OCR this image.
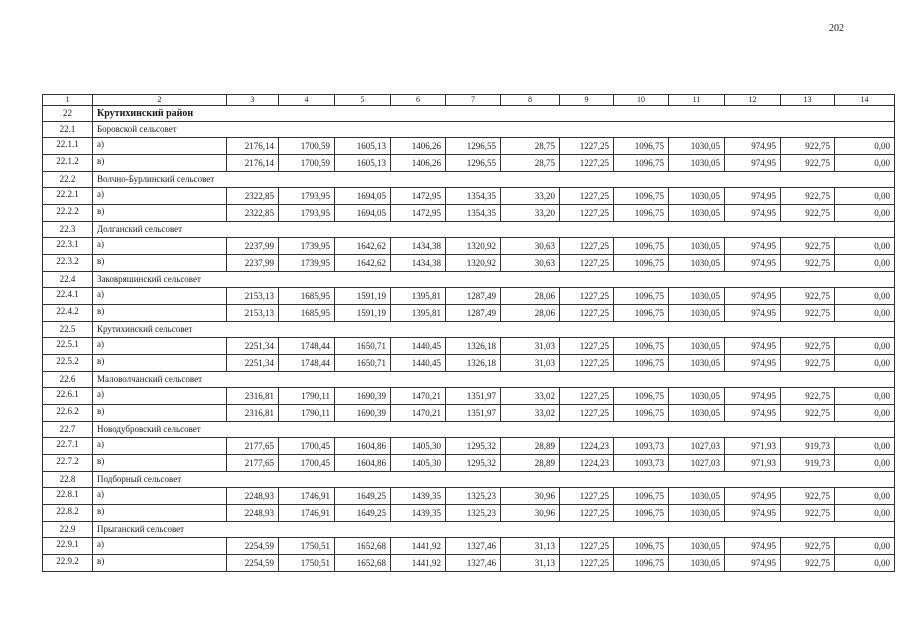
202
1	2	3	4	5	6	7	8	9	10	11	12	13	14
22	Крутихинский район												
22.1	Боровской сельсовет												
22.1.1	а)	2176,14	1700,59	1605,13	1406,26	1296,55	28,75	1227,25	1096,75	1030,05	974,95	922,75	0,00
22.1.2	в)	2176,14	1700,59	1605,13	1406,26	1296,55	28,75	1227,25	1096,75	1030,05	974,95	922,75	0,00
22.2	Волчно-Бурлинский сельсовет												
22.2.1	а)	2322,85	1793,95	1694,05	1472,95	1354,35	33,20	1227,25	1096,75	1030,05	974,95	922,75	0,00
22.2.2	в)	2322,85	1793,95	1694,05	1472,95	1354,35	33,20	1227,25	1096,75	1030,05	974,95	922,75	0,00
22.3	Долганский сельсовет												
22.3.1	а)	2237,99	1739,95	1642,62	1434,38	1320,92	30,63	1227,25	1096,75	1030,05	974,95	922,75	0,00
22.3.2	в)	2237,99	1739,95	1642,62	1434,38	1320,92	30,63	1227,25	1096,75	1030,05	974,95	922,75	0,00
22.4	Заковряшинский сельсовет												
22.4.1	а)	2153,13	1685,95	1591,19	1395,81	1287,49	28,06	1227,25	1096,75	1030,05	974,95	922,75	0,00
22.4.2	в)	2153,13	1685,95	1591,19	1395,81	1287,49	28,06	1227,25	1096,75	1030,05	974,95	922,75	0,00
22.5	Крутихинский сельсовет												
22.5.1	а)	2251,34	1748,44	1650,71	1440,45	1326,18	31,03	1227,25	1096,75	1030,05	974,95	922,75	0,00
22.5.2	в)	2251,34	1748,44	1650,71	1440,45	1326,18	31,03	1227,25	1096,75	1030,05	974,95	922,75	0,00
22.6	Маловолчанский сельсовет												
22.6.1	а)	2316,81	1790,11	1690,39	1470,21	1351,97	33,02	1227,25	1096,75	1030,05	974,95	922,75	0,00
22.6.2	в)	2316,81	1790,11	1690,39	1470,21	1351,97	33,02	1227,25	1096,75	1030,05	974,95	922,75	0,00
22.7	Новодубровский сельсовет												
22.7.1	а)	2177,65	1700,45	1604,86	1405,30	1295,32	28,89	1224,23	1093,73	1027,03	971,93	919,73	0,00
22.7.2	в)	2177,65	1700,45	1604,86	1405,30	1295,32	28,89	1224,23	1093,73	1027,03	971,93	919,73	0,00
22.8	Подборный сельсовет												
22.8.1	а)	2248,93	1746,91	1649,25	1439,35	1325,23	30,96	1227,25	1096,75	1030,05	974,95	922,75	0,00
22.8.2	в)	2248,93	1746,91	1649,25	1439,35	1325,23	30,96	1227,25	1096,75	1030,05	974,95	922,75	0,00
22.9	Прыганский сельсовет												
22.9.1	а)	2254,59	1750,51	1652,68	1441,92	1327,46	31,13	1227,25	1096,75	1030,05	974,95	922,75	0,00
22.9.2	в)	2254,59	1750,51	1652,68	1441,92	1327,46	31,13	1227,25	1096,75	1030,05	974,95	922,75	0,00
